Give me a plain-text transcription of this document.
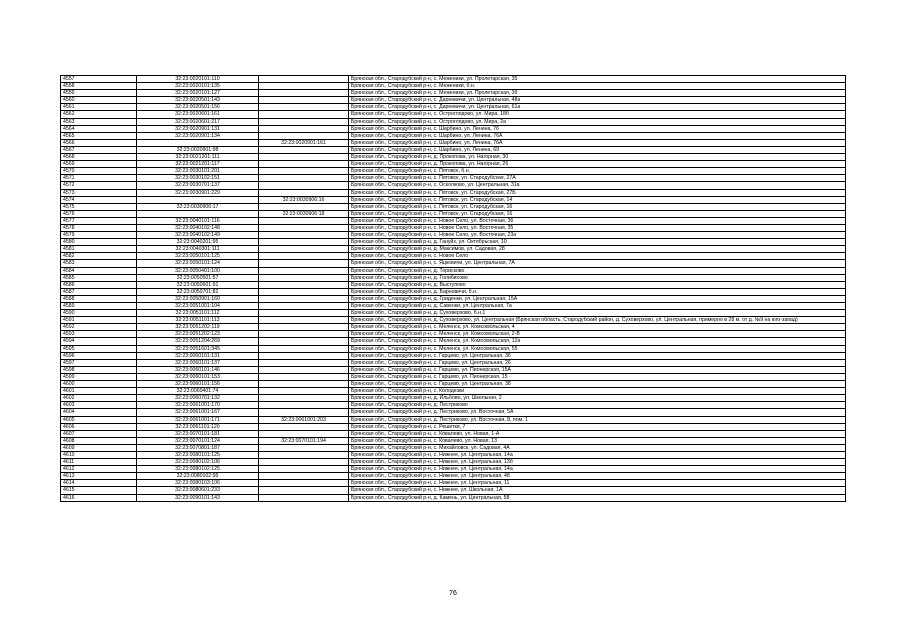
4557	32:23:0020101:110		Брянская обл., Стародубский р-н, с. Меженики, ул. Пролетарская, 35
4558	32:23:0020101:135		Брянская обл., Стародубский р-н, с. Меженики, б.н.
4559	32:23:0020101:127		Брянская обл., Стародубский р-н, с. Меженики, ул. Пролетарская, 3б
4560	32:23:0020501:143		Брянская обл., Стародубский р-н, с. Дареевичи, ул. Центральная, 48а
4561	32:23:0020501:156		Брянская обл., Стародубский р-н, с. Дареевичи, ул. Центральная, 61а
4562	32:23:0020601:161		Брянская обл., Стародубский р-н, с. Остроглядово, ул. Мира, 18б
4563	32:23:0020601:217		Брянская обл., Стародубский р-н, с. Остроглядово, ул. Мира, 2а
4564	32:23:0020901:131		Брянская обл., Стародубский р-н, с. Шарбино, ул. Ленина, 76
4565	32:23:0020901:134		Брянская обл., Стародубский р-н, с. Шарбино, ул. Ленина, 76А
4566		32:23:0020901:161	Брянская обл., Стародубский р-н, с. Шарбино, ул. Ленина, 76А
4567	32:23:0020901:98		Брянская обл., Стародубский р-н, с. Шарбино, ул. Ленина, 69
4568	32:23:0021201:111		Брянская обл., Стародубский р-н, д. Прокопова, ул. Нагорная, 30
4569	32:23:0021201:117		Брянская обл., Стародубский р-н, д. Прокопова, ул. Нагорная, 26
4570	32:23:0030101:201		Брянская обл., Стародубский р-н, с. Пятовск, б.н.
4571	32:23:0030102:151		Брянская обл., Стародубский р-н, с. Пятовск, ул. Стародубская, 27А
4572	32:23:0030701:137		Брянская обл., Стародубский р-н, с. Осколково, ул. Центральная, 31а
4573	32:23:0030901:229		Брянская обл., Стародубский р-н, с. Пятовск, ул. Стародубская, 27Б
4574		32:23:0030906:16	Брянская обл., Стародубский р-н, с. Пятовск, ул. Стародубская, 14
4575	32:23:0030906:17		Брянская обл., Стародубский р-н, с. Пятовск, ул. Стародубская, 16
4576		32:23:0030906:18	Брянская обл., Стародубский р-н, с. Пятовск, ул. Стародубская, 16
4577	32:23:0040101:116		Брянская обл., Стародубский р-н, с. Новое Село, ул. Восточная, 36
4578	32:23:0040102:148		Брянская обл., Стародубский р-н, с. Новое Село, ул. Восточная, 35
4579	32:23:0040102:149		Брянская обл., Стародубский р-н, с. Новое Село, ул. Восточная, 23а
4580	32:23:0040201:95		Брянская обл., Стародубский р-н, д. Гануйх, ул. Октябрьская, 10
4581	32:23:0040301:111		Брянская обл., Стародубский р-н, д. Максимов, ул. Садовая, 28
4582	32:23:0050101:125		Брянская обл., Стародубский р-н, с. Новое Село
4583	32:23:0050101:124		Брянская обл., Стародубский р-н, с. Яцковичи, ул. Центральная, 7А
4584	32:23:0050401:100		Брянская обл., Стародубский р-н, д. Торисково
4585	32:23:0050501:57		Брянская обл., Стародубский р-н, д. Голибисово
4586	32:23:0050601:91		Брянская обл., Стародубский р-н, д. Выступово
4587	32:23:0050701:82		Брянская обл., Стародубский р-н, д. Барновичи, б.н.
4588	32:23:0050901:160		Брянская обл., Стародубский р-н, д. Гриденки, ул. Центральная, 15А
4589	32:23:0051001:104		Брянская обл., Стародубский р-н, д. Савенки, ул. Центральная, 7а
4590	32:23:0051101:112		Брянская обл., Стародубский р-н, д. Суховерхово, б.н.1
4591	32:23:0051101:113		Брянская обл., Стародубский р-н, д. Суховерхово, ул. Центральная (Брянская область, Стародубский район, д. Суховерхово, ул. Центральная, примерно в 28 м. от д. №9 на юго-запад)
4592	32:23:0051202:119		Брянская обл., Стародубский р-н, с. Меленск, ул. Комсомольская, 4
4593	32:23:0051202:123		Брянская обл., Стародубский р-н, с. Меленск, ул. Комсомольская, 2-В
4594	32:23:0051204:269		Брянская обл., Стародубский р-н, с. Меленск, ул. Комсомольская, 12а
4595	32:23:0051601:345		Брянская обл., Стародубский р-н, с. Меленск, ул. Комсомольская, 55
4596	32:23:0060101:131		Брянская обл., Стародубский р-н, с. Гарцево, ул. Центральная, 36
4597	32:23:0060101:137		Брянская обл., Стародубский р-н, с. Гарцево, ул. Центральная, 26
4598	32:23:0060101:146		Брянская обл., Стародубский р-н, с. Гарцево, ул. Пионерская, 15А
4599	32:23:0060101:153		Брянская обл., Стародубский р-н, с. Гарцево, ул. Пионерская, 15
4600	32:23:0060101:156		Брянская обл., Стародубский р-н, с. Гарцево, ул. Центральная, 38
4601	32:23:0060401:74		Брянская обл., Стародубский р-н, с. Колодезки
4602	32:23:0060701:132		Брянская обл., Стародубский р-н, д. Ильбово, ул. Школьная, 2
4603	32:23:0061001:170		Брянская обл., Стародубский р-н, д. Пестриково
4604	32:23:0061001:167		Брянская обл., Стародубский р-н, д. Пестриково, ул. Восточная, 5А
4605	32:23:0061001:171	32:23:0061001:203	Брянская обл., Стародубский р-н, д. Пестриково, ул. Восточная, 8, пом. 1
4606	32:23:0061101:120		Брянская обл., Стародубский р-н, с. Решетки, 7
4607	32:23:0070101:181		Брянская обл., Стародубский р-н, с. Ковалево, ул. Новая, 1-А
4608	32:23:0070101:124	32:23:0070101:194	Брянская обл., Стародубский р-н, с. Ковалево, ул. Новая, 13
4609	32:23:0070801:187		Брянская обл., Стародубский р-н, с. Михайловск, ул. Садовая, 4А
4610	32:23:0080101:125		Брянская обл., Стародубский р-н, с. Нижнее, ул. Центральная, 14а
4611	32:23:0080102:106		Брянская обл., Стародубский р-н, с. Нижнее, ул. Центральная, 13б
4612	32:23:0080102:125		Брянская обл., Стародубский р-н, с. Нижнее, ул. Центральная, 14а
4613	32:23:0080102:95		Брянская обл., Стародубский р-н, с. Нижнее, ул. Центральная, 48
4614	32:23:0080103:106		Брянская обл., Стародубский р-н, с. Нижнее, ул. Центральная, 11
4615	32:23:0080601:233		Брянская обл., Стародубский р-н, с. Нижнее, ул. Школьная, 1А
4616	32:23:0090101:143		Брянская обл., Стародубский р-н, д. Камень, ул. Центральная, 58
76
